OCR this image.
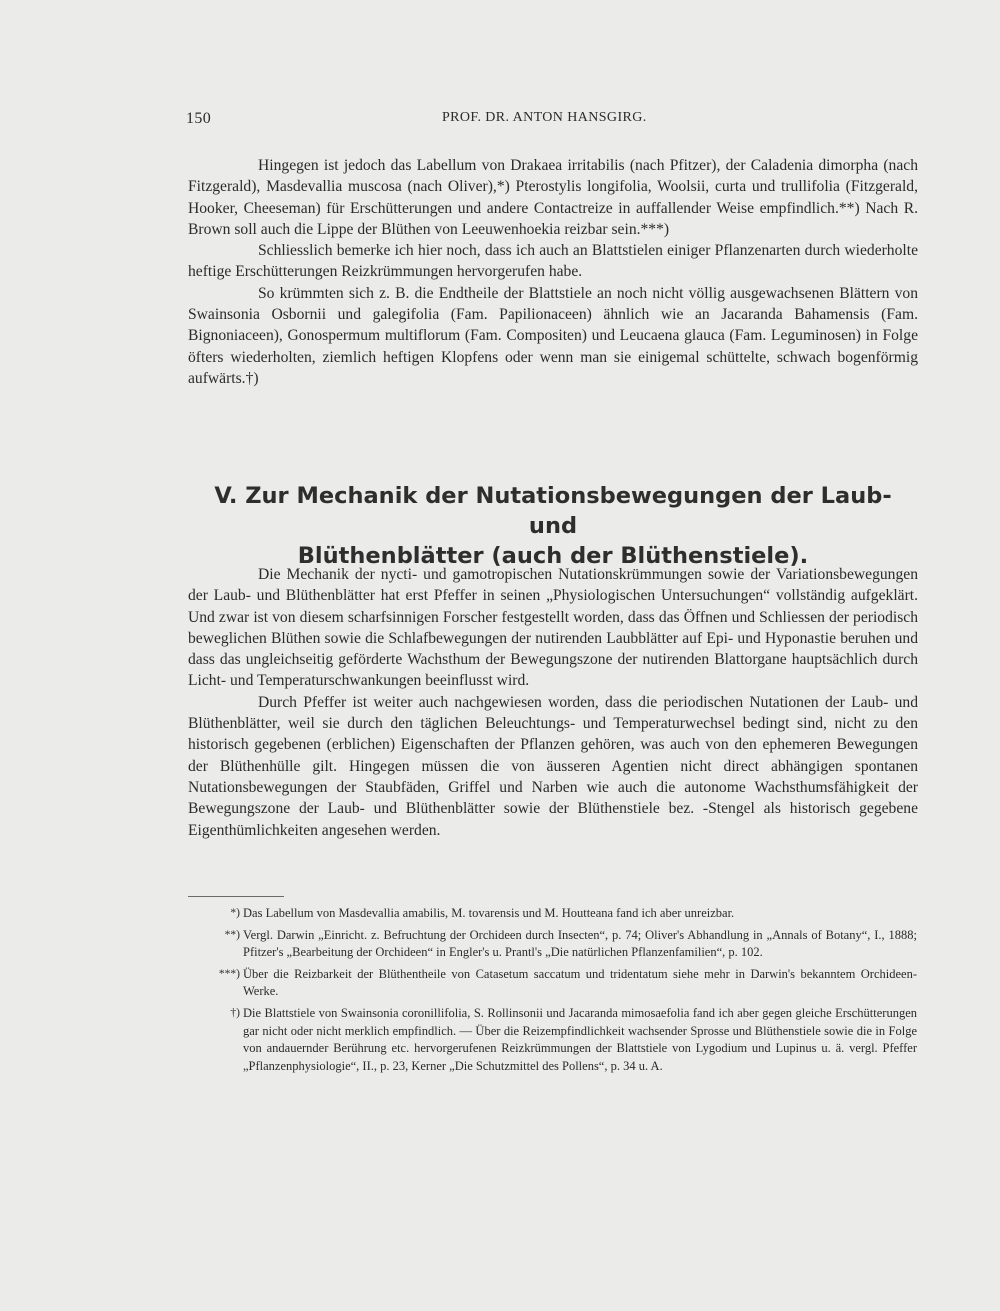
150	PROF. DR. ANTON HANSGIRG.

Hingegen ist jedoch das Labellum von Drakaea irritabilis (nach Pfitzer), der Caladenia dimorpha (nach Fitzgerald), Masdevallia muscosa (nach Oliver),*) Pterostylis longifolia, Woolsii, curta und trullifolia (Fitzgerald, Hooker, Cheeseman) für Erschütterungen und andere Contactreize in auffallender Weise empfindlich.**) Nach R. Brown soll auch die Lippe der Blüthen von Leeuwenhoekia reizbar sein.***)

Schliesslich bemerke ich hier noch, dass ich auch an Blattstielen einiger Pflanzenarten durch wiederholte heftige Erschütterungen Reizkrümmungen hervorgerufen habe.

So krümmten sich z. B. die Endtheile der Blattstiele an noch nicht völlig ausgewachsenen Blättern von Swainsonia Osbornii und galegifolia (Fam. Papilionaceen) ähnlich wie an Jacaranda Bahamensis (Fam. Bignoniaceen), Gonospermum multiflorum (Fam. Compositen) und Leucaena glauca (Fam. Leguminosen) in Folge öfters wiederholten, ziemlich heftigen Klopfens oder wenn man sie einigemal schüttelte, schwach bogenförmig aufwärts.†)

V. Zur Mechanik der Nutationsbewegungen der Laub- und
Blüthenblätter (auch der Blüthenstiele).

Die Mechanik der nycti- und gamotropischen Nutationskrümmungen sowie der Variationsbewegungen der Laub- und Blüthenblätter hat erst Pfeffer in seinen „Physiologischen Untersuchungen“ vollständig aufgeklärt. Und zwar ist von diesem scharfsinnigen Forscher festgestellt worden, dass das Öffnen und Schliessen der periodisch beweglichen Blüthen sowie die Schlafbewegungen der nutirenden Laubblätter auf Epi- und Hyponastie beruhen und dass das ungleichseitig geförderte Wachsthum der Bewegungszone der nutirenden Blattorgane hauptsächlich durch Licht- und Temperaturschwankungen beeinflusst wird.

Durch Pfeffer ist weiter auch nachgewiesen worden, dass die periodischen Nutationen der Laub- und Blüthenblätter, weil sie durch den täglichen Beleuchtungs- und Temperaturwechsel bedingt sind, nicht zu den historisch gegebenen (erblichen) Eigenschaften der Pflanzen gehören, was auch von den ephemeren Bewegungen der Blüthenhülle gilt. Hingegen müssen die von äusseren Agentien nicht direct abhängigen spontanen Nutationsbewegungen der Staubfäden, Griffel und Narben wie auch die autonome Wachsthumsfähigkeit der Bewegungszone der Laub- und Blüthenblätter sowie der Blüthenstiele bez. -Stengel als historisch gegebene Eigenthümlichkeiten angesehen werden.

*) Das Labellum von Masdevallia amabilis, M. tovarensis und M. Houtteana fand ich aber unreizbar.
**) Vergl. Darwin „Einricht. z. Befruchtung der Orchideen durch Insecten“, p. 74; Oliver's Abhandlung in „Annals of Botany“, I., 1888; Pfitzer's „Bearbeitung der Orchideen“ in Engler's u. Prantl's „Die natürlichen Pflanzenfamilien“, p. 102.
***) Über die Reizbarkeit der Blüthentheile von Catasetum saccatum und tridentatum siehe mehr in Darwin's bekanntem Orchideen-Werke.
†) Die Blattstiele von Swainsonia coronillifolia, S. Rollinsonii und Jacaranda mimosaefolia fand ich aber gegen gleiche Erschütterungen gar nicht oder nicht merklich empfindlich. — Über die Reizempfindlichkeit wachsender Sprosse und Blüthenstiele sowie die in Folge von andauernder Berührung etc. hervorgerufenen Reizkrümmungen der Blattstiele von Lygodium und Lupinus u. ä. vergl. Pfeffer „Pflanzenphysiologie“, II., p. 23, Kerner „Die Schutzmittel des Pollens“, p. 34 u. A.
